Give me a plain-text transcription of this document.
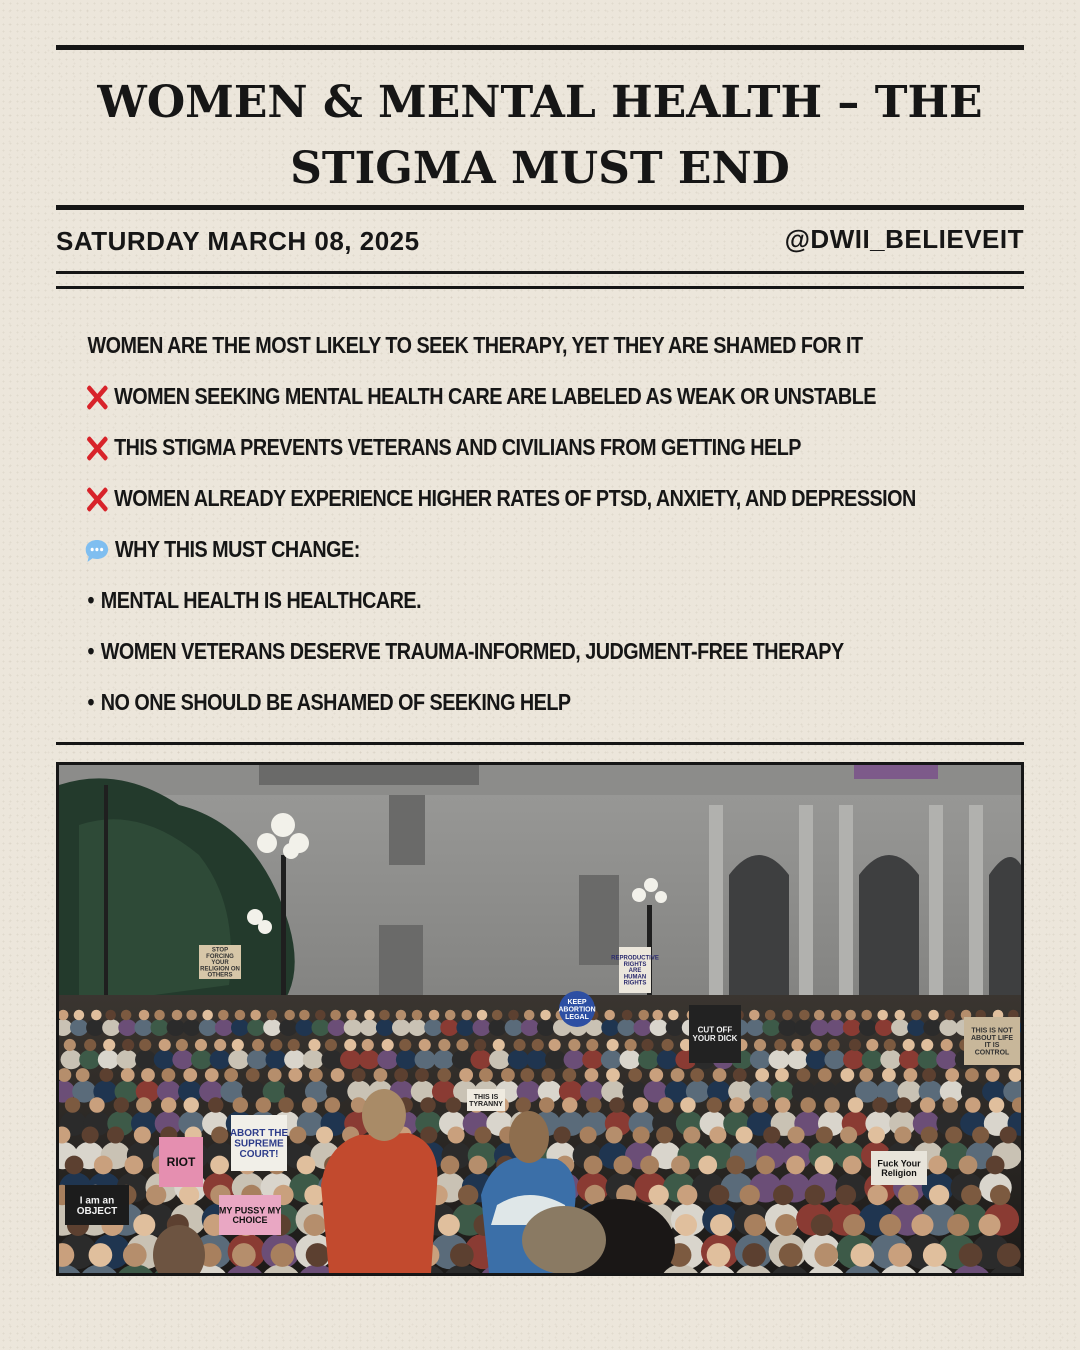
WOMEN & MENTAL HEALTH – THE STIGMA MUST END
SATURDAY MARCH 08, 2025	@DWII_BELIEVEIT
WOMEN ARE THE MOST LIKELY TO SEEK THERAPY, YET THEY ARE SHAMED FOR IT
WOMEN SEEKING MENTAL HEALTH CARE ARE LABELED AS WEAK OR UNSTABLE
THIS STIGMA PREVENTS VETERANS AND CIVILIANS FROM GETTING HELP
WOMEN ALREADY EXPERIENCE HIGHER RATES OF PTSD, ANXIETY, AND DEPRESSION
WHY THIS MUST CHANGE:
• MENTAL HEALTH IS HEALTHCARE.
• WOMEN VETERANS DESERVE TRAUMA-INFORMED, JUDGMENT-FREE THERAPY
• NO ONE SHOULD BE ASHAMED OF SEEKING HELP
ABORT THE
SUPREME
COURT!
RIOT
I am an
OBJECT	MY PUSSY MY
CHOICE
KEEP
ABORTION
LEGAL
CUT OFF
YOUR DICK
Fuck Your
Religion
THIS IS
TYRANNY
THIS IS NOT
ABOUT LIFE
IT IS
CONTROL
STOP
FORCING
YOUR
RELIGION ON
OTHERS
REPRODUCTIVE
RIGHTS
ARE
HUMAN
RIGHTS
